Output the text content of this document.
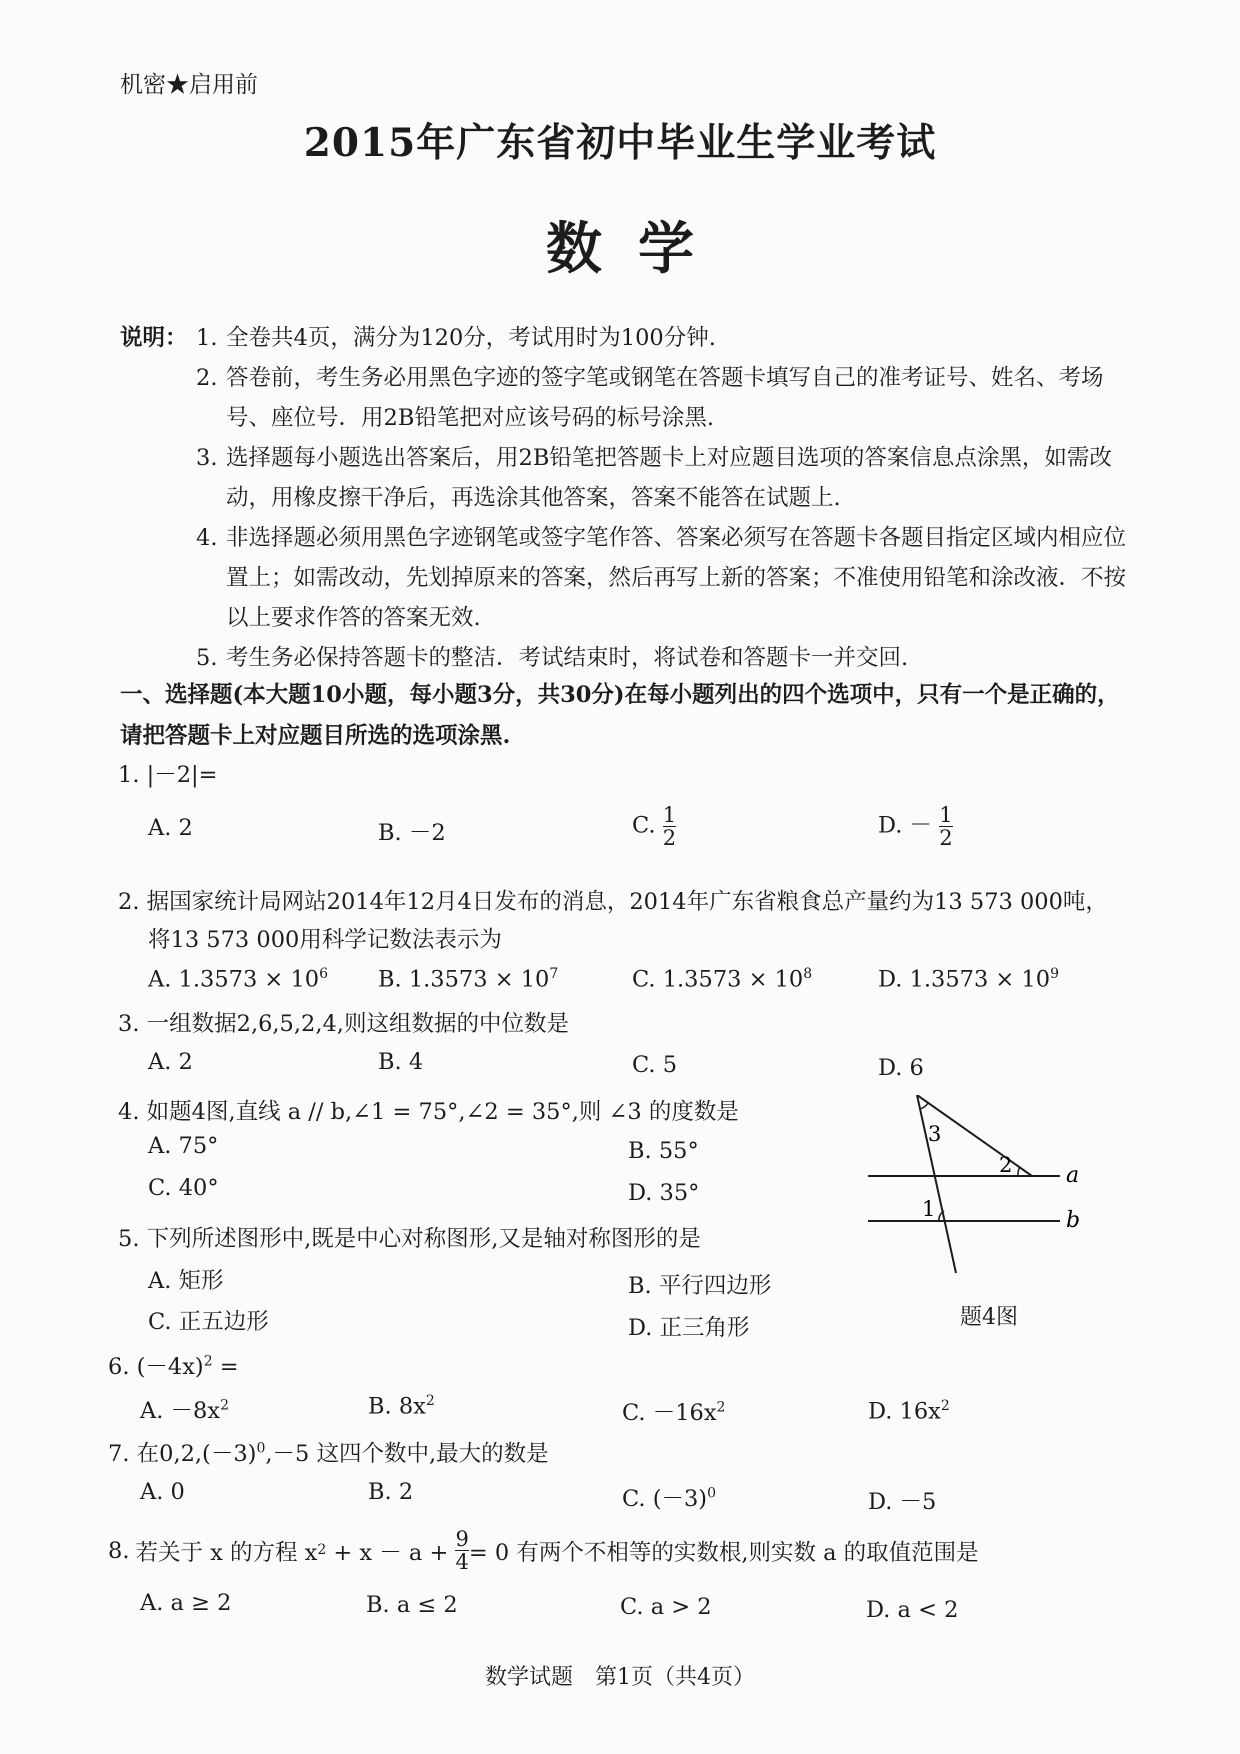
机密★启用前
2015年广东省初中毕业生学业考试
数学
说明： 1. 全卷共4页，满分为120分，考试用时为100分钟.
2. 答卷前，考生务必用黑色字迹的签字笔或钢笔在答题卡填写自己的准考证号、姓名、考场号、座位号．用2B铅笔把对应该号码的标号涂黑.
3. 选择题每小题选出答案后，用2B铅笔把答题卡上对应题目选项的答案信息点涂黑，如需改动，用橡皮擦干净后，再选涂其他答案，答案不能答在试题上.
4. 非选择题必须用黑色字迹钢笔或签字笔作答、答案必须写在答题卡各题目指定区域内相应位置上；如需改动，先划掉原来的答案，然后再写上新的答案；不准使用铅笔和涂改液．不按以上要求作答的答案无效.
5. 考生务必保持答题卡的整洁．考试结束时，将试卷和答题卡一并交回.
一、选择题(本大题10小题，每小题3分，共30分)在每小题列出的四个选项中，只有一个是正确的，请把答题卡上对应题目所选的选项涂黑.
1. |－2|=
A. 2	B. －2	C. $\frac{1}{2}$	D. － $\frac{1}{2}$
2. 据国家统计局网站2014年12月4日发布的消息，2014年广东省粮食总产量约为13 573 000吨，
将13 573 000用科学记数法表示为
A. $1.3573 \times 10^6$ B. $1.3573 \times 10^7$	C. $1.3573 \times 10^8$	D. $1.3573 \times 10^9$
3. 一组数据2,6,5,2,4,则这组数据的中位数是
A. 2	B. 4	C. 5	D. 6
4. 如题4图,直线 a // b,∠1 = 75°,∠2 = 35°,则 ∠3 的度数是
A. 75°	B. 55°
C. 40°	D. 35°
3
2
1
a
b
题4图
5. 下列所述图形中,既是中心对称图形,又是轴对称图形的是
A. 矩形	B. 平行四边形
C. 正五边形	D. 正三角形
6. $(-4x)^2$ =
A. $-8x^2$	B. $8x^2$	C. $-16x^2$	D. $16x^2$
7. 在$0,2,(-3)^0,-5$ 这四个数中,最大的数是
A. 0	B. 2	C. $(-3)^0$	D. －5
8. 若关于 x 的方程 x $2 + x - a + \frac{9}{4} = 0$ 有两个不相等的实数根,则实数 a 的取值范围是
A. a ≥ 2	B. a ≤ 2	C. a > 2	D. a < 2
数学试题　第1页（共4页）
